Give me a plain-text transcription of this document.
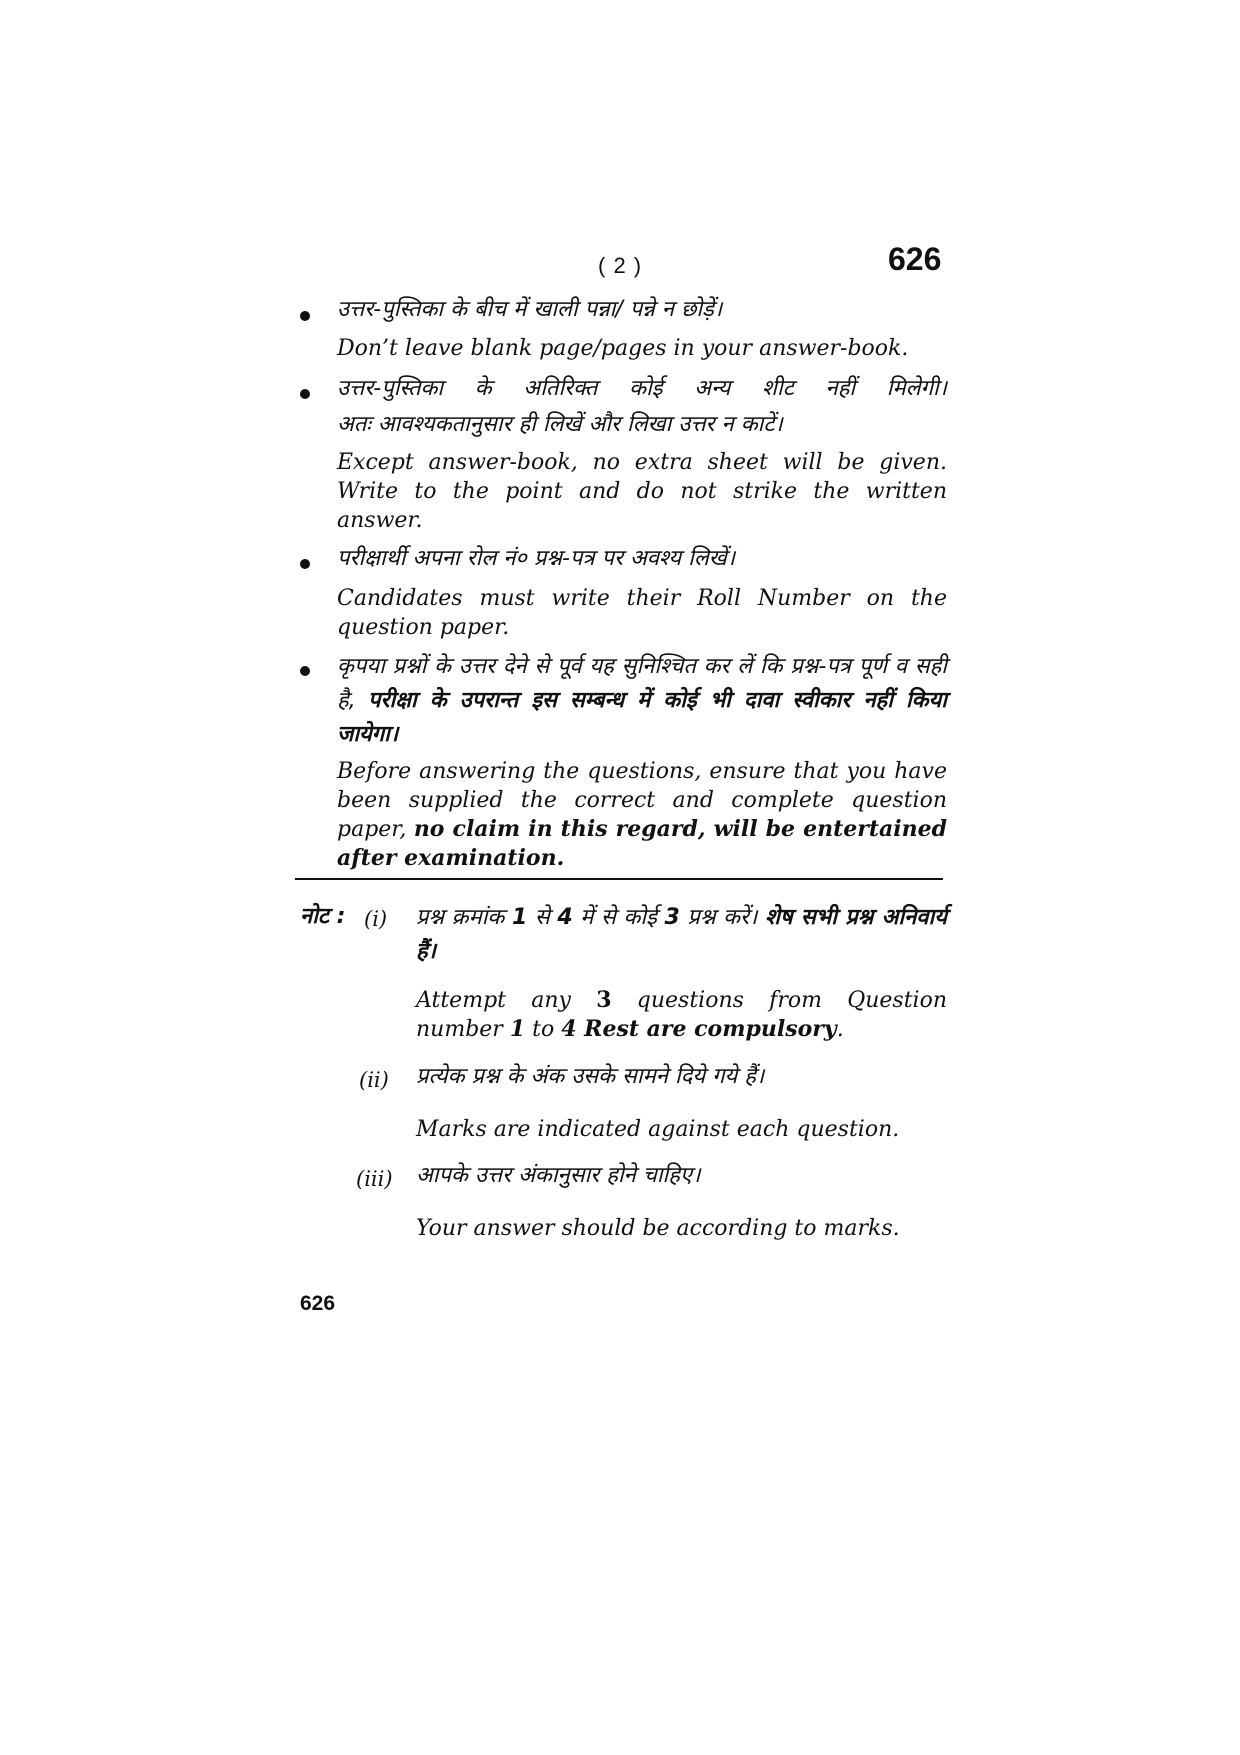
( 2 )	626
उत्तर-पुस्तिका के बीच में खाली पन्ना/ पन्ने न छोड़ें।
Don’t leave blank page/pages in your answer-book.
उत्तर-पुस्तिका के अतिरिक्त कोई अन्य शीट नहीं मिलेगी।
अतः आवश्यकतानुसार ही लिखें और लिखा उत्तर न काटें।
Except answer-book, no extra sheet will be given. Write to the point and do not strike the written answer.
परीक्षार्थी अपना रोल नं० प्रश्न-पत्र पर अवश्य लिखें।
Candidates must write their Roll Number on the question paper.
कृपया प्रश्नों के उत्तर देने से पूर्व यह सुनिश्चित कर लें कि प्रश्न-पत्र पूर्ण व सही है, परीक्षा के उपरान्त इस सम्बन्ध में कोई भी दावा स्वीकार नहीं किया जायेगा।
Before answering the questions, ensure that you have been supplied the correct and complete question paper, no claim in this regard, will be entertained after examination.
नोट : (i) प्रश्न क्रमांक 1 से 4 में से कोई 3 प्रश्न करें। शेष सभी प्रश्न अनिवार्य हैं।
Attempt any 3 questions from Question number 1 to 4 Rest are compulsory.
(ii) प्रत्येक प्रश्न के अंक उसके सामने दिये गये हैं।
Marks are indicated against each question.
(iii) आपके उत्तर अंकानुसार होने चाहिए।
Your answer should be according to marks.
626
